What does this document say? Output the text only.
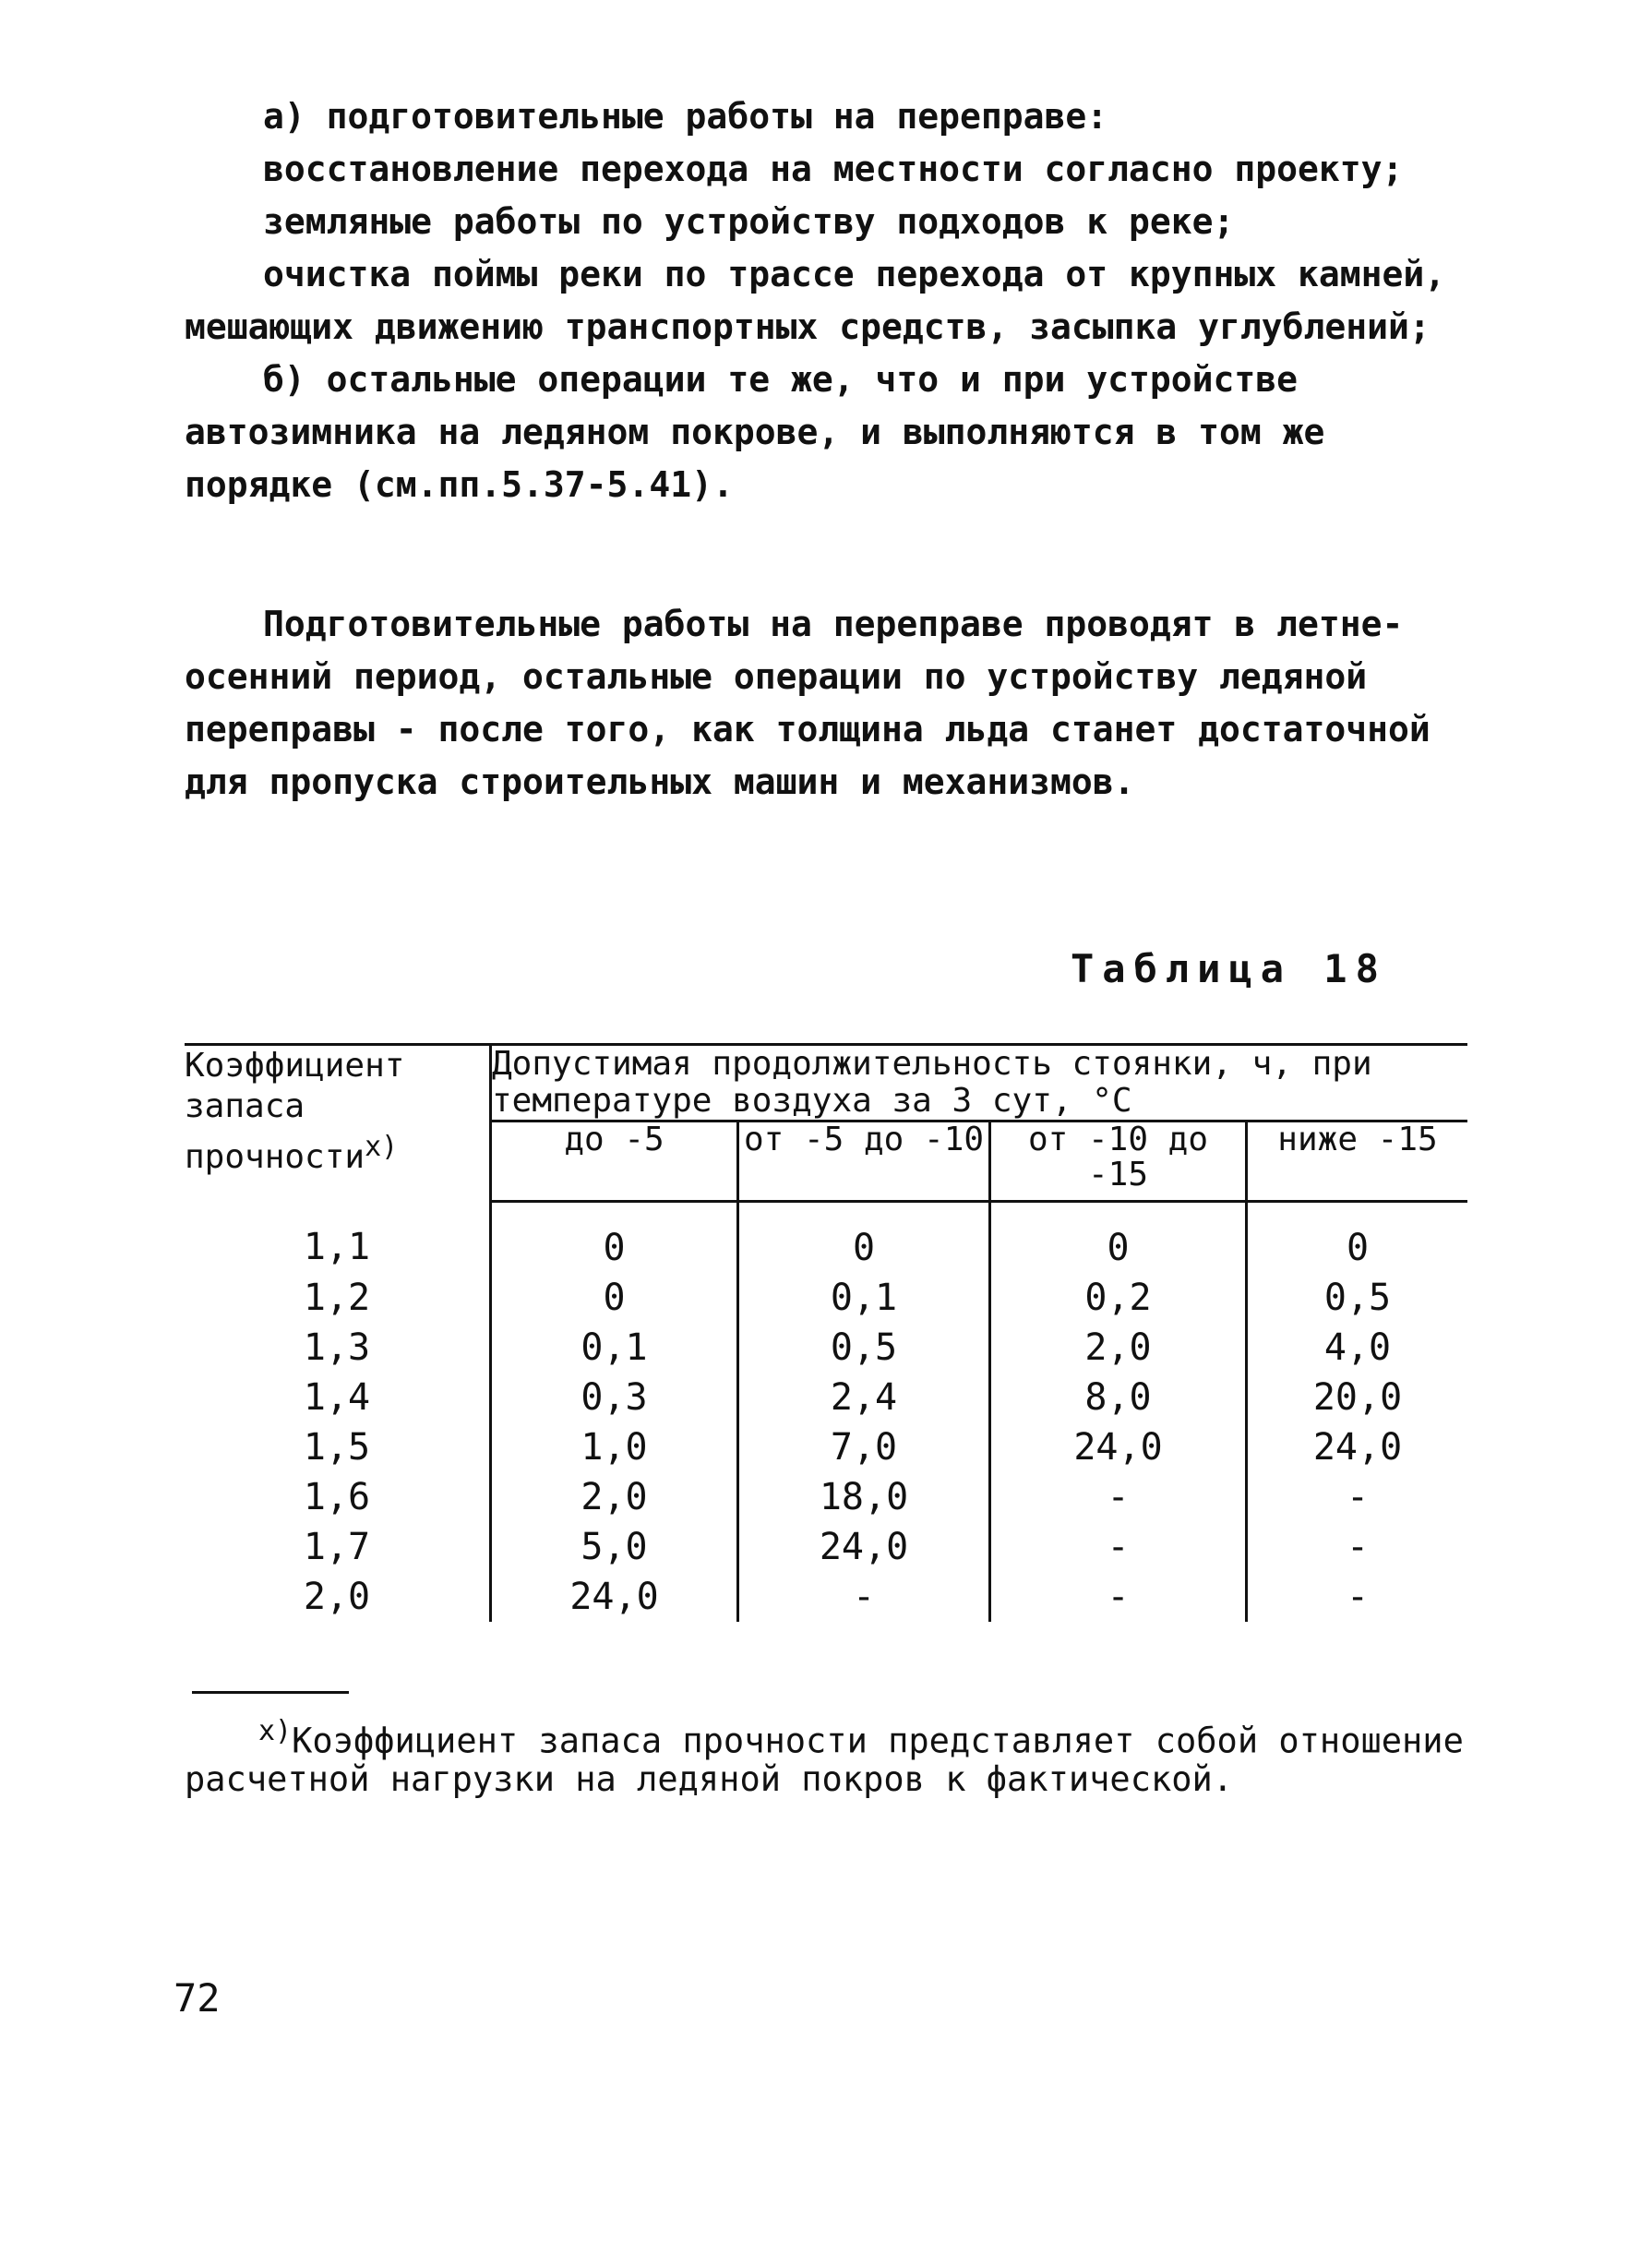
а) подготовительные работы на переправе:

восстановление перехода на местности согласно проекту;

земляные работы по устройству подходов к реке;

очистка поймы реки по трассе перехода от крупных камней, мешающих движению транспортных средств, засыпка углублений;

б) остальные операции те же, что и при устройстве автозимника на ледяном покрове, и выполняются в том же порядке (см.пп.5.37-5.41).

Подготовительные работы на переправе проводят в летне-осенний период, остальные операции по устройству ледяной переправы - после того, как толщина льда станет достаточной для пропуска строительных машин и механизмов.

Таблица 18
Коэффициент запаса прочности$^{х)}$	Допустимая продолжительность стоянки, ч, при температуре воздуха за 3 сут, °С			
	до -5	от -5 до -10	от -10 до -15	ниже -15
1,1	0	0	0	0
1,2	0	0,1	0,2	0,5
1,3	0,1	0,5	2,0	4,0
1,4	0,3	2,4	8,0	20,0
1,5	1,0	7,0	24,0	24,0
1,6	2,0	18,0	-	-
1,7	5,0	24,0	-	-
2,0	24,0	-	-	-

$^{х)}$Коэффициент запаса прочности представляет собой отношение расчетной нагрузки на ледяной покров к фактической.

72
